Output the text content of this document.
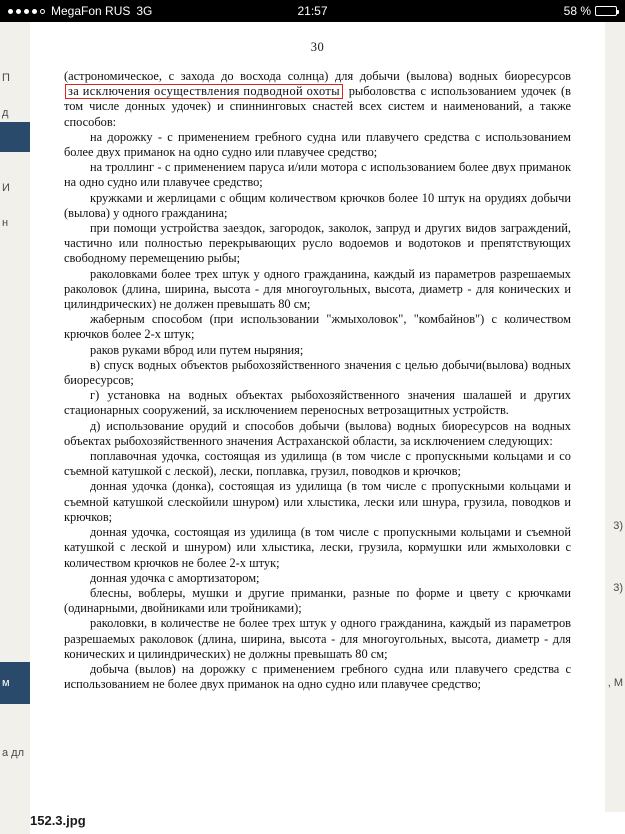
MegaFon RUS 3G	21:57	58 %
П
д
И
н
м
а дл
3)
3)
, М
30
(астрономическое, с захода до восхода солнца) для добычи (вылова) водных биоресурсов за исключения осуществления подводной охоты рыболовства с использованием удочек (в том числе донных удочек) и спиннинговых снастей всех систем и наименований, а также способов:
на дорожку - с применением гребного судна или плавучего средства с использованием более двух приманок на одно судно или плавучее средство;
на троллинг - с применением паруса и/или мотора с использованием более двух приманок на одно судно или плавучее средство;
кружками и жерлицами с общим количеством крючков более 10 штук на орудиях добычи (вылова) у одного гражданина;
при помощи устройства заездок, загородок, заколок, запруд и других видов заграждений, частично или полностью перекрывающих русло водоемов и водотоков и препятствующих свободному перемещению рыбы;
раколовками более трех штук у одного гражданина, каждый из параметров разрешаемых раколовок (длина, ширина, высота - для многоугольных, высота, диаметр - для конических и цилиндрических) не должен превышать 80 см;
жаберным способом (при использовании "жмыхоловок", "комбайнов") с количеством крючков более 2-х штук;
раков руками вброд или путем ныряния;
в) спуск водных объектов рыбохозяйственного значения с целью добычи(вылова) водных биоресурсов;
г) установка на водных объектах рыбохозяйственного значения шалашей и других стационарных сооружений, за исключением переносных ветрозащитных устройств.
д) использование орудий и способов добычи (вылова) водных биоресурсов на водных объектах рыбохозяйственного значения Астраханской области, за исключением следующих:
поплавочная удочка, состоящая из удилища (в том числе с пропускными кольцами и со съемной катушкой с леской), лески, поплавка, грузил, поводков и крючков;
донная удочка (донка), состоящая из удилища (в том числе с пропускными кольцами и съемной катушкой слескойили шнуром) или хлыстика, лески или шнура, грузила, поводков и крючков;
донная удочка, состоящая из удилища (в том числе с пропускными кольцами и съемной катушкой с леской и шнуром) или хлыстика, лески, грузила, кормушки или жмыхоловки с количеством крючков не более 2-х штук;
донная удочка с амортизатором;
блесны, воблеры, мушки и другие приманки, разные по форме и цвету с крючками (одинарными, двойниками или тройниками);
раколовки, в количестве не более трех штук у одного гражданина, каждый из параметров разрешаемых раколовок (длина, ширина, высота - для многоугольных, высота, диаметр - для конических и цилиндрических) не должны превышать 80 см;
добыча (вылов) на дорожку с применением гребного судна или плавучего средства с использованием не более двух приманок на одно судно или плавучее средство;
152.3.jpg
